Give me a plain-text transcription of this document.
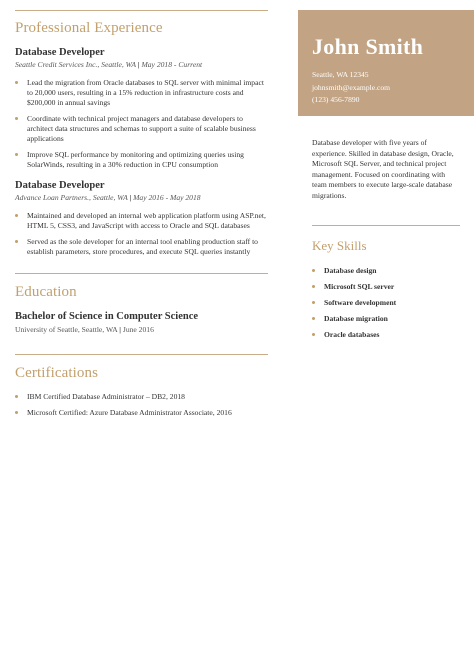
Professional Experience

Database Developer

Seattle Credit Services Inc., Seattle, WA | May 2018 - Current

Lead the migration from Oracle databases to SQL server with minimal impact to 20,000 users, resulting in a 15% reduction in infrastructure costs and $200,000 in annual savings
Coordinate with technical project managers and database developers to architect data structures and schemas to support a suite of scalable business applications
Improve SQL performance by monitoring and optimizing queries using SolarWinds, resulting in a 30% reduction in CPU consumption

Database Developer

Advance Loan Partners., Seattle, WA | May 2016 - May 2018

Maintained and developed an internal web application platform using ASP.net, HTML 5, CSS3, and JavaScript with access to Oracle and SQL databases
Served as the sole developer for an internal tool enabling production staff to establish parameters, store procedures, and execute SQL queries instantly
Education

Bachelor of Science in Computer Science

University of Seattle, Seattle, WA | June 2016

Certifications
IBM Certified Database Administrator – DB2, 2018
Microsoft Certified: Azure Database Administrator Associate, 2016

John Smith

Seattle, WA 12345
johnsmith@example.com
(123) 456-7890

Database developer with five years of experience. Skilled in database design, Oracle, Microsoft SQL Server, and technical project management. Focused on coordinating with team members to execute large-scale database migrations.

Key Skills
Database design
Microsoft SQL server
Software development
Database migration
Oracle databases
